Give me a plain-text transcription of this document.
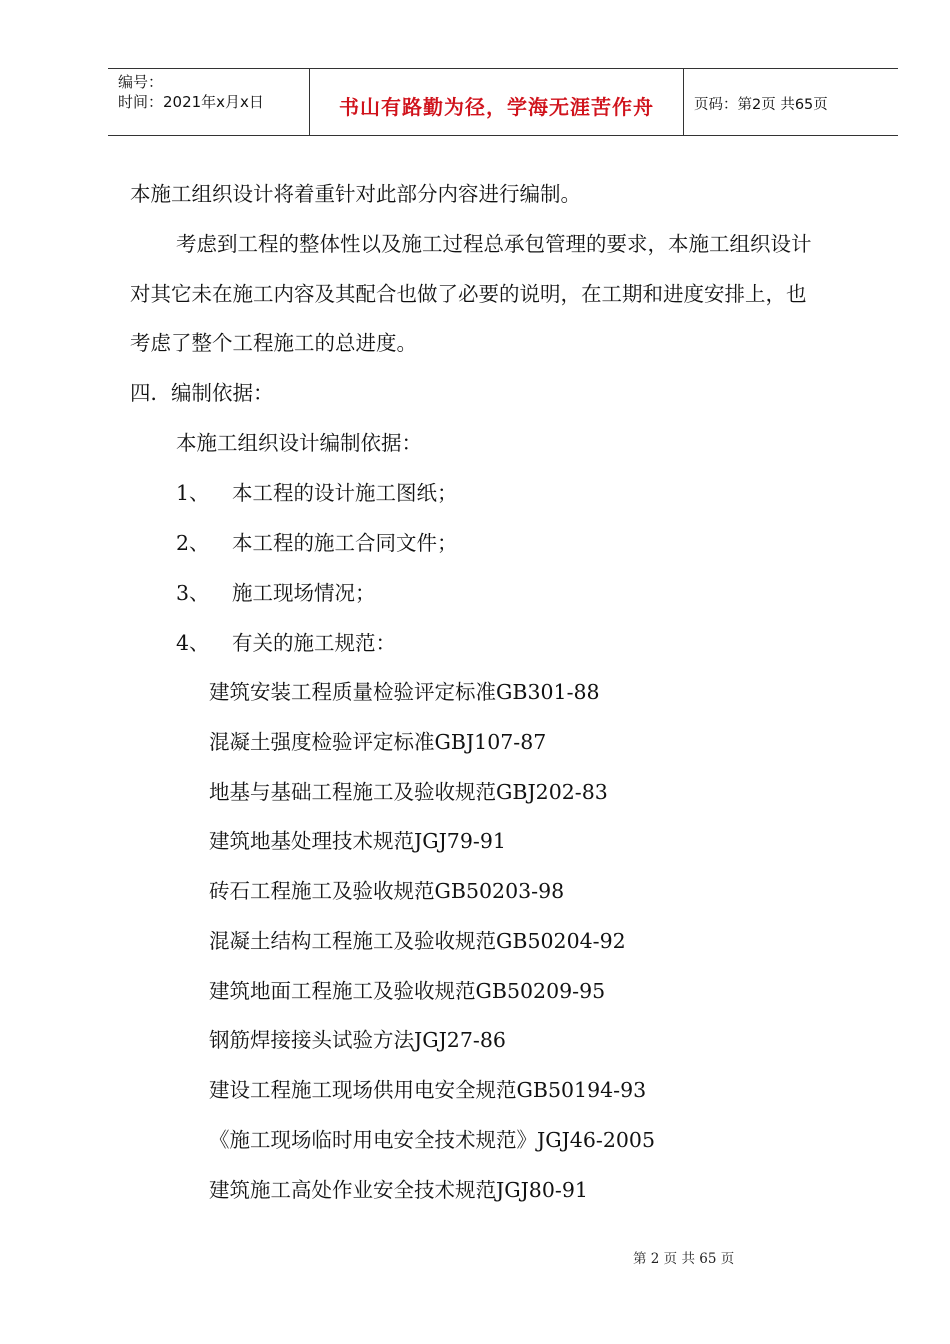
编号：
时间：2021年x月x日	书山有路勤为径，学海无涯苦作舟	页码：第2页 共65页
本施工组织设计将着重针对此部分内容进行编制。
考虑到工程的整体性以及施工过程总承包管理的要求，本施工组织设计
对其它未在施工内容及其配合也做了必要的说明，在工期和进度安排上，也
考虑了整个工程施工的总进度。
四．编制依据：
本施工组织设计编制依据：
1、 本工程的设计施工图纸；
2、 本工程的施工合同文件；
3、 施工现场情况；
4、 有关的施工规范：
建筑安装工程质量检验评定标准GB301-88
混凝土强度检验评定标准GBJ107-87
地基与基础工程施工及验收规范GBJ202-83
建筑地基处理技术规范JGJ79-91
砖石工程施工及验收规范GB50203-98
混凝土结构工程施工及验收规范GB50204-92
建筑地面工程施工及验收规范GB50209-95
钢筋焊接接头试验方法JGJ27-86
建设工程施工现场供用电安全规范GB50194-93
《施工现场临时用电安全技术规范》JGJ46-2005
建筑施工高处作业安全技术规范JGJ80-91
第 2 页 共 65 页
